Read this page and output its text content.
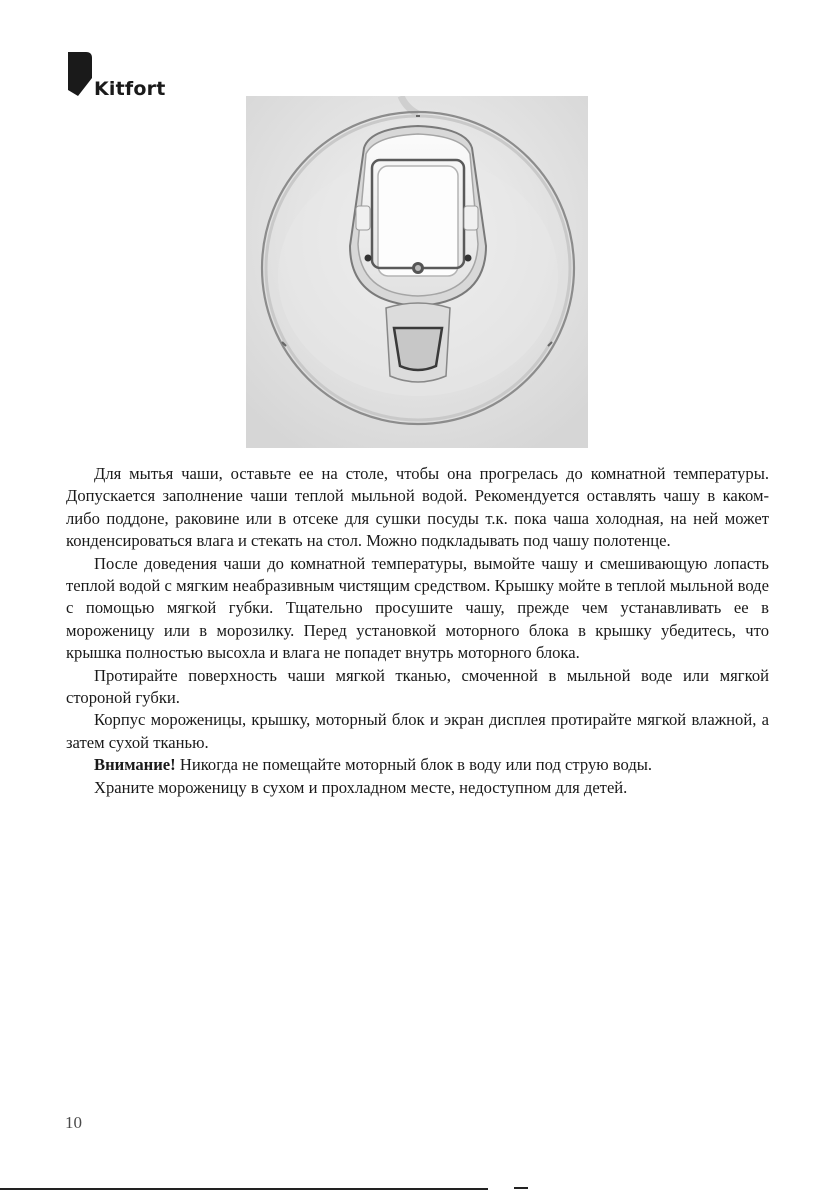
Kitfort

Для мытья чаши, оставьте ее на столе, чтобы она прогрелась до комнатной температуры. Допускается заполнение чаши теплой мыльной водой. Рекомендуется оставлять чашу в каком-либо поддоне, раковине или в отсеке для сушки посуды т.к. пока чаша холодная, на ней может конденсироваться влага и стекать на стол. Можно подкладывать под чашу полотенце.

После доведения чаши до комнатной температуры, вымойте чашу и смешивающую лопасть теплой водой с мягким неабразивным чистящим средством. Крышку мойте в теплой мыльной воде с помощью мягкой губки. Тщательно просушите чашу, прежде чем устанавливать ее в мороженицу или в морозилку. Перед установкой моторного блока в крышку убедитесь, что крышка полностью высохла и влага не попадет внутрь моторного блока.

Протирайте поверхность чаши мягкой тканью, смоченной в мыльной воде или мягкой стороной губки.

Корпус мороженицы, крышку, моторный блок и экран дисплея протирайте мягкой влажной, а затем сухой тканью.

Внимание! Никогда не помещайте моторный блок в воду или под струю воды.

Храните мороженицу в сухом и прохладном месте, недоступном для детей.

10
